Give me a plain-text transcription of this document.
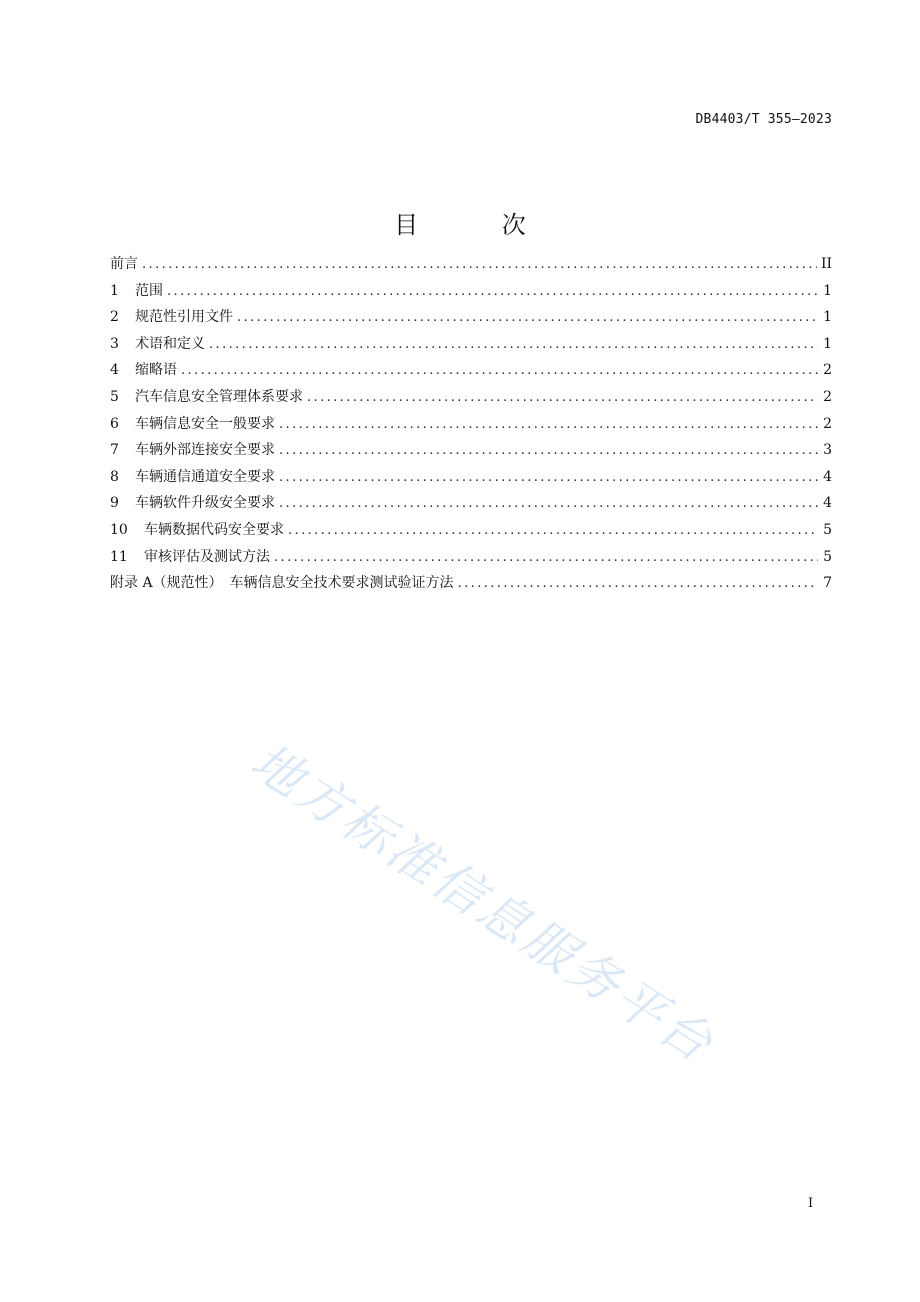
DB4403/T 355—2023
目 次
前言 .....	II
1	范围 .....	1
2	规范性引用文件 .....	1
3	术语和定义 .....	1
4	缩略语 .....	2
5	汽车信息安全管理体系要求 .....	2
6	车辆信息安全一般要求 .....	2
7	车辆外部连接安全要求 .....	3
8	车辆通信通道安全要求 .....	4
9	车辆软件升级安全要求 .....	4
10	车辆数据代码安全要求 .....	5
11	审核评估及测试方法 .....	5
附录 A（规范性）　车辆信息安全技术要求测试验证方法 .....	7
地方标准信息服务平台
I
